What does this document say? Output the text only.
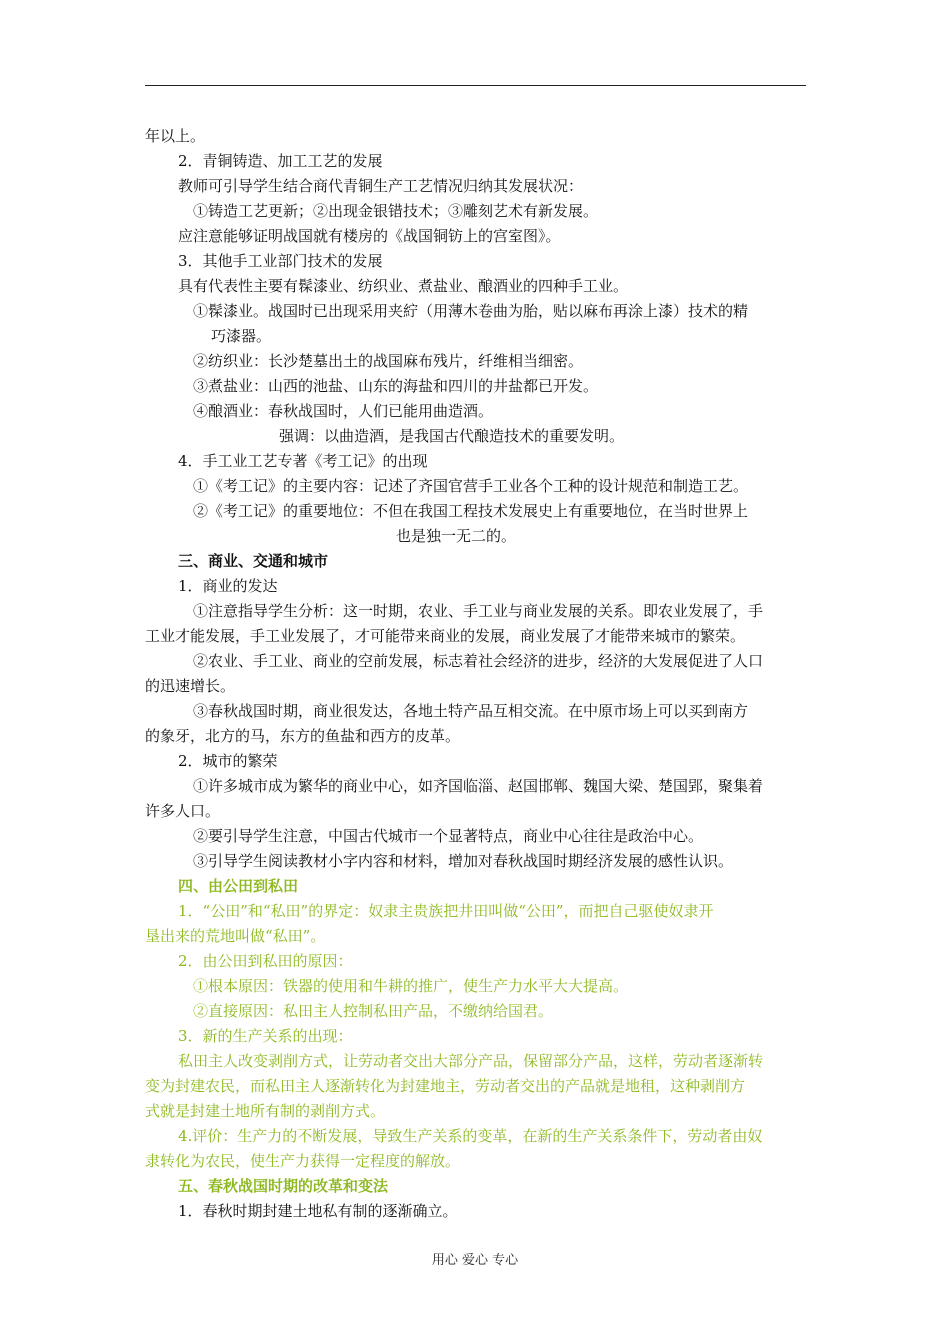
年以上。
2．青铜铸造、加工工艺的发展
教师可引导学生结合商代青铜生产工艺情况归纳其发展状况：
①铸造工艺更新；②出现金银错技术；③雕刻艺术有新发展。
应注意能够证明战国就有楼房的《战国铜钫上的宫室图》。
3．其他手工业部门技术的发展
具有代表性主要有髹漆业、纺织业、煮盐业、酿酒业的四种手工业。
①髹漆业。战国时已出现采用夹紵（用薄木卷曲为胎，贴以麻布再涂上漆）技术的精
巧漆器。
②纺织业：长沙楚墓出土的战国麻布残片，纤维相当细密。
③煮盐业：山西的池盐、山东的海盐和四川的井盐都已开发。
④酿酒业：春秋战国时，人们已能用曲造酒。
强调：以曲造酒，是我国古代酿造技术的重要发明。
4．手工业工艺专著《考工记》的出现
①《考工记》的主要内容：记述了齐国官营手工业各个工种的设计规范和制造工艺。
②《考工记》的重要地位：不但在我国工程技术发展史上有重要地位，在当时世界上
也是独一无二的。
三、商业、交通和城市
1．商业的发达
①注意指导学生分析：这一时期，农业、手工业与商业发展的关系。即农业发展了，手
工业才能发展，手工业发展了，才可能带来商业的发展，商业发展了才能带来城市的繁荣。
②农业、手工业、商业的空前发展，标志着社会经济的进步，经济的大发展促进了人口
的迅速增长。
③春秋战国时期，商业很发达，各地土特产品互相交流。在中原市场上可以买到南方
的象牙，北方的马，东方的鱼盐和西方的皮革。
2．城市的繁荣
①许多城市成为繁华的商业中心，如齐国临淄、赵国邯郸、魏国大梁、楚国郢，聚集着
许多人口。
②要引导学生注意，中国古代城市一个显著特点，商业中心往往是政治中心。
③引导学生阅读教材小字内容和材料，增加对春秋战国时期经济发展的感性认识。
四、由公田到私田
1．“公田”和“私田”的界定：奴隶主贵族把井田叫做“公田”，而把自己驱使奴隶开
垦出来的荒地叫做“私田”。
2．由公田到私田的原因：
①根本原因：铁器的使用和牛耕的推广，使生产力水平大大提高。
②直接原因：私田主人控制私田产品，不缴纳给国君。
3．新的生产关系的出现：
私田主人改变剥削方式，让劳动者交出大部分产品，保留部分产品，这样，劳动者逐渐转
变为封建农民，而私田主人逐渐转化为封建地主，劳动者交出的产品就是地租，这种剥削方
式就是封建土地所有制的剥削方式。
4.评价：生产力的不断发展，导致生产关系的变革，在新的生产关系条件下，劳动者由奴
隶转化为农民，使生产力获得一定程度的解放。
五、春秋战国时期的改革和变法
1．春秋时期封建土地私有制的逐渐确立。
用心 爱心 专心
